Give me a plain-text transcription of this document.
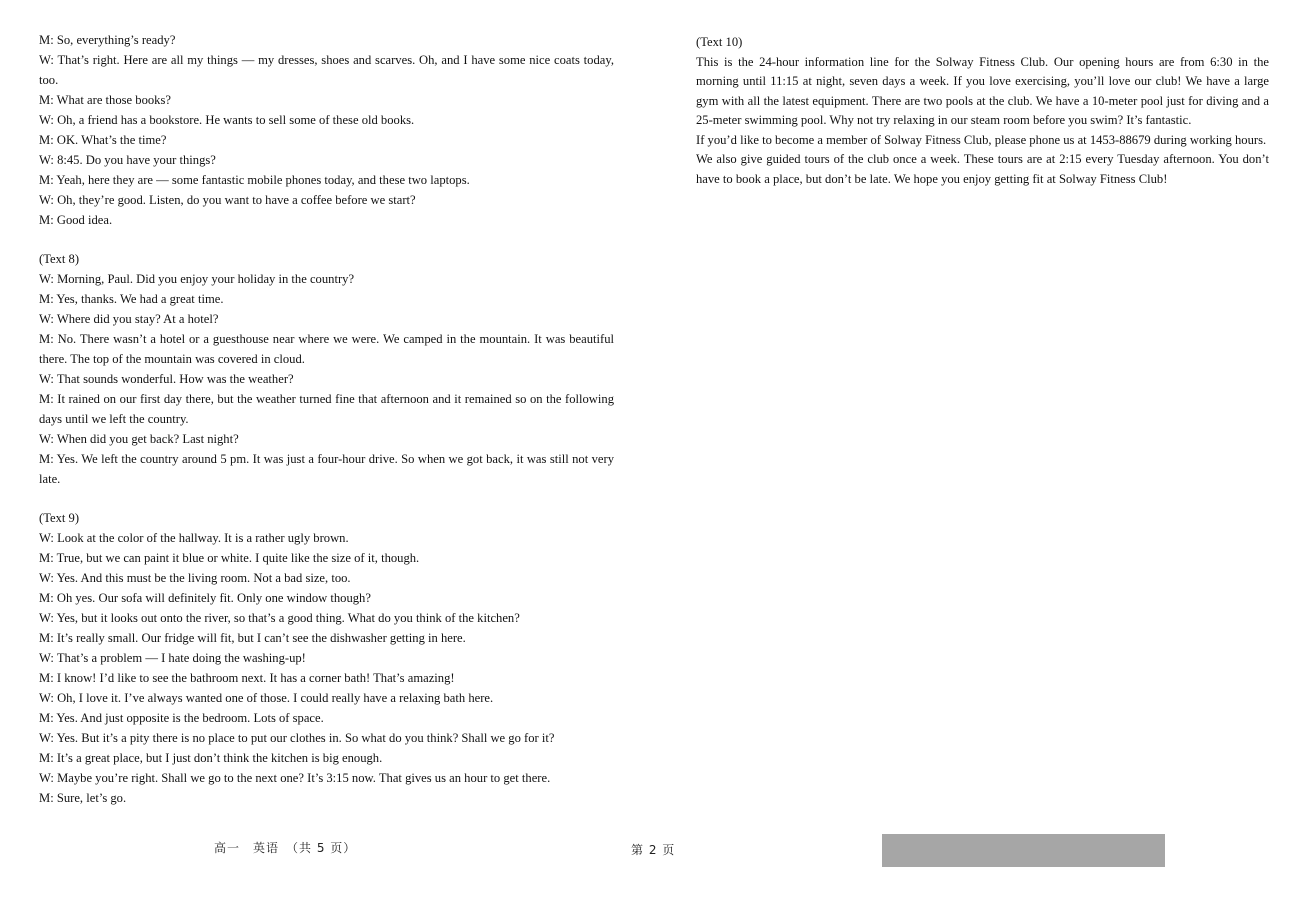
M: So, everything’s ready?

W: That’s right. Here are all my things — my dresses, shoes and scarves. Oh, and I have some nice coats today, too.

M: What are those books?

W: Oh, a friend has a bookstore. He wants to sell some of these old books.

M: OK. What’s the time?

W: 8:45. Do you have your things?

M: Yeah, here they are — some fantastic mobile phones today, and these two laptops.

W: Oh, they’re good. Listen, do you want to have a coffee before we start?

M: Good idea.

(Text 8)

W: Morning, Paul. Did you enjoy your holiday in the country?

M: Yes, thanks. We had a great time.

W: Where did you stay? At a hotel?

M: No. There wasn’t a hotel or a guesthouse near where we were. We camped in the mountain. It was beautiful there. The top of the mountain was covered in cloud.

W: That sounds wonderful. How was the weather?

M: It rained on our first day there, but the weather turned fine that afternoon and it remained so on the following days until we left the country.

W: When did you get back? Last night?

M: Yes. We left the country around 5 pm. It was just a four-hour drive. So when we got back, it was still not very late.

(Text 9)

W: Look at the color of the hallway. It is a rather ugly brown.

M: True, but we can paint it blue or white. I quite like the size of it, though.

W: Yes. And this must be the living room. Not a bad size, too.

M: Oh yes. Our sofa will definitely fit. Only one window though?

W: Yes, but it looks out onto the river, so that’s a good thing. What do you think of the kitchen?

M: It’s really small. Our fridge will fit, but I can’t see the dishwasher getting in here.

W: That’s a problem — I hate doing the washing-up!

M: I know! I’d like to see the bathroom next. It has a corner bath! That’s amazing!

W: Oh, I love it. I’ve always wanted one of those. I could really have a relaxing bath here.

M: Yes. And just opposite is the bedroom. Lots of space.

W: Yes. But it’s a pity there is no place to put our clothes in. So what do you think? Shall we go for it?

M: It’s a great place, but I just don’t think the kitchen is big enough.

W: Maybe you’re right. Shall we go to the next one? It’s 3:15 now. That gives us an hour to get there.

M: Sure, let’s go.

(Text 10)

This is the 24-hour information line for the Solway Fitness Club. Our opening hours are from 6:30 in the morning until 11:15 at night, seven days a week. If you love exercising, you’ll love our club! We have a large gym with all the latest equipment. There are two pools at the club. We have a 10-meter pool just for diving and a 25-meter swimming pool. Why not try relaxing in our steam room before you swim? It’s fantastic.

If you’d like to become a member of Solway Fitness Club, please phone us at 1453-88679 during working hours.

We also give guided tours of the club once a week. These tours are at 2:15 every Tuesday afternoon. You don’t have to book a place, but don’t be late. We hope you enjoy getting fit at Solway Fitness Club!

高一　英语　（共 5 页）	第 2 页
